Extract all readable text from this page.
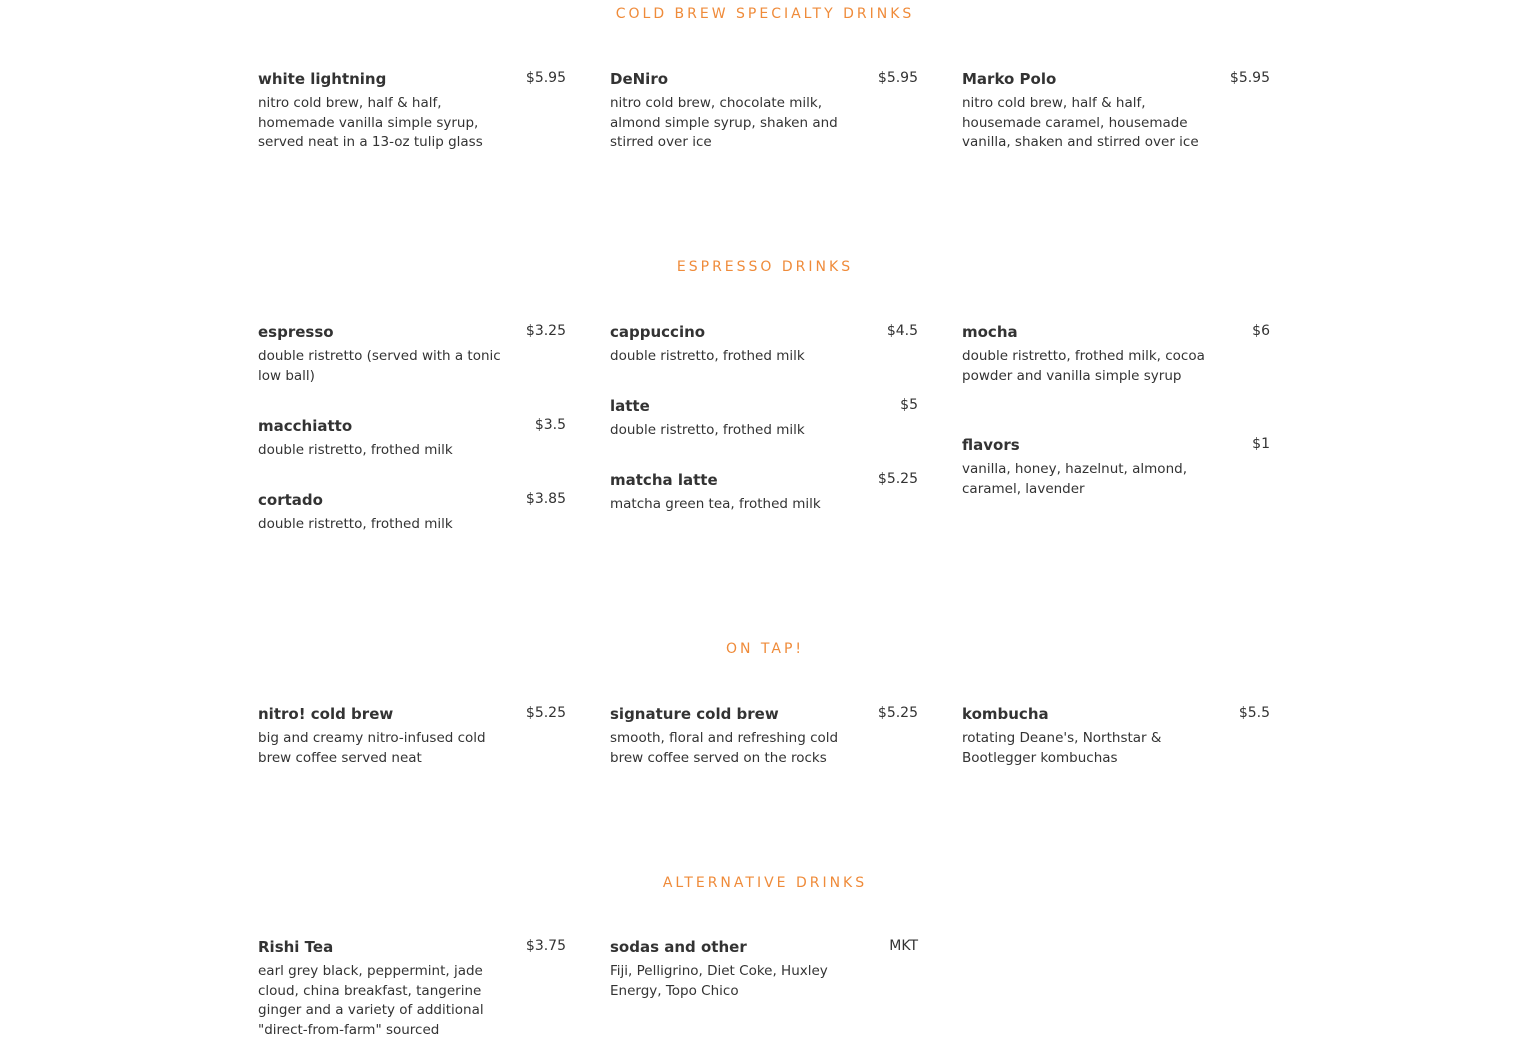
COLD BREW SPECIALTY DRINKS
white lightning	$5.95

nitro cold brew, half & half, homemade vanilla simple syrup, served neat in a 13-oz tulip glass

DeNiro	$5.95

nitro cold brew, chocolate milk, almond simple syrup, shaken and stirred over ice

Marko Polo	$5.95

nitro cold brew, half & half, housemade caramel, housemade vanilla, shaken and stirred over ice

ESPRESSO DRINKS
espresso	$3.25

double ristretto (served with a tonic low ball)

macchiatto	$3.5

double ristretto, frothed milk

cortado	$3.85

double ristretto, frothed milk

cappuccino	$4.5

double ristretto, frothed milk

latte	$5

double ristretto, frothed milk

matcha latte	$5.25

matcha green tea, frothed milk

mocha	$6

double ristretto, frothed milk, cocoa powder and vanilla simple syrup

flavors	$1

vanilla, honey, hazelnut, almond, caramel, lavender

ON TAP!
nitro! cold brew	$5.25

big and creamy nitro-infused cold brew coffee served neat

signature cold brew	$5.25

smooth, floral and refreshing cold brew coffee served on the rocks

kombucha	$5.5

rotating Deane's, Northstar & Bootlegger kombuchas

ALTERNATIVE DRINKS
Rishi Tea	$3.75

earl grey black, peppermint, jade cloud, china breakfast, tangerine ginger and a variety of additional "direct-from-farm" sourced

sodas and other	MKT

Fiji, Pelligrino, Diet Coke, Huxley Energy, Topo Chico
